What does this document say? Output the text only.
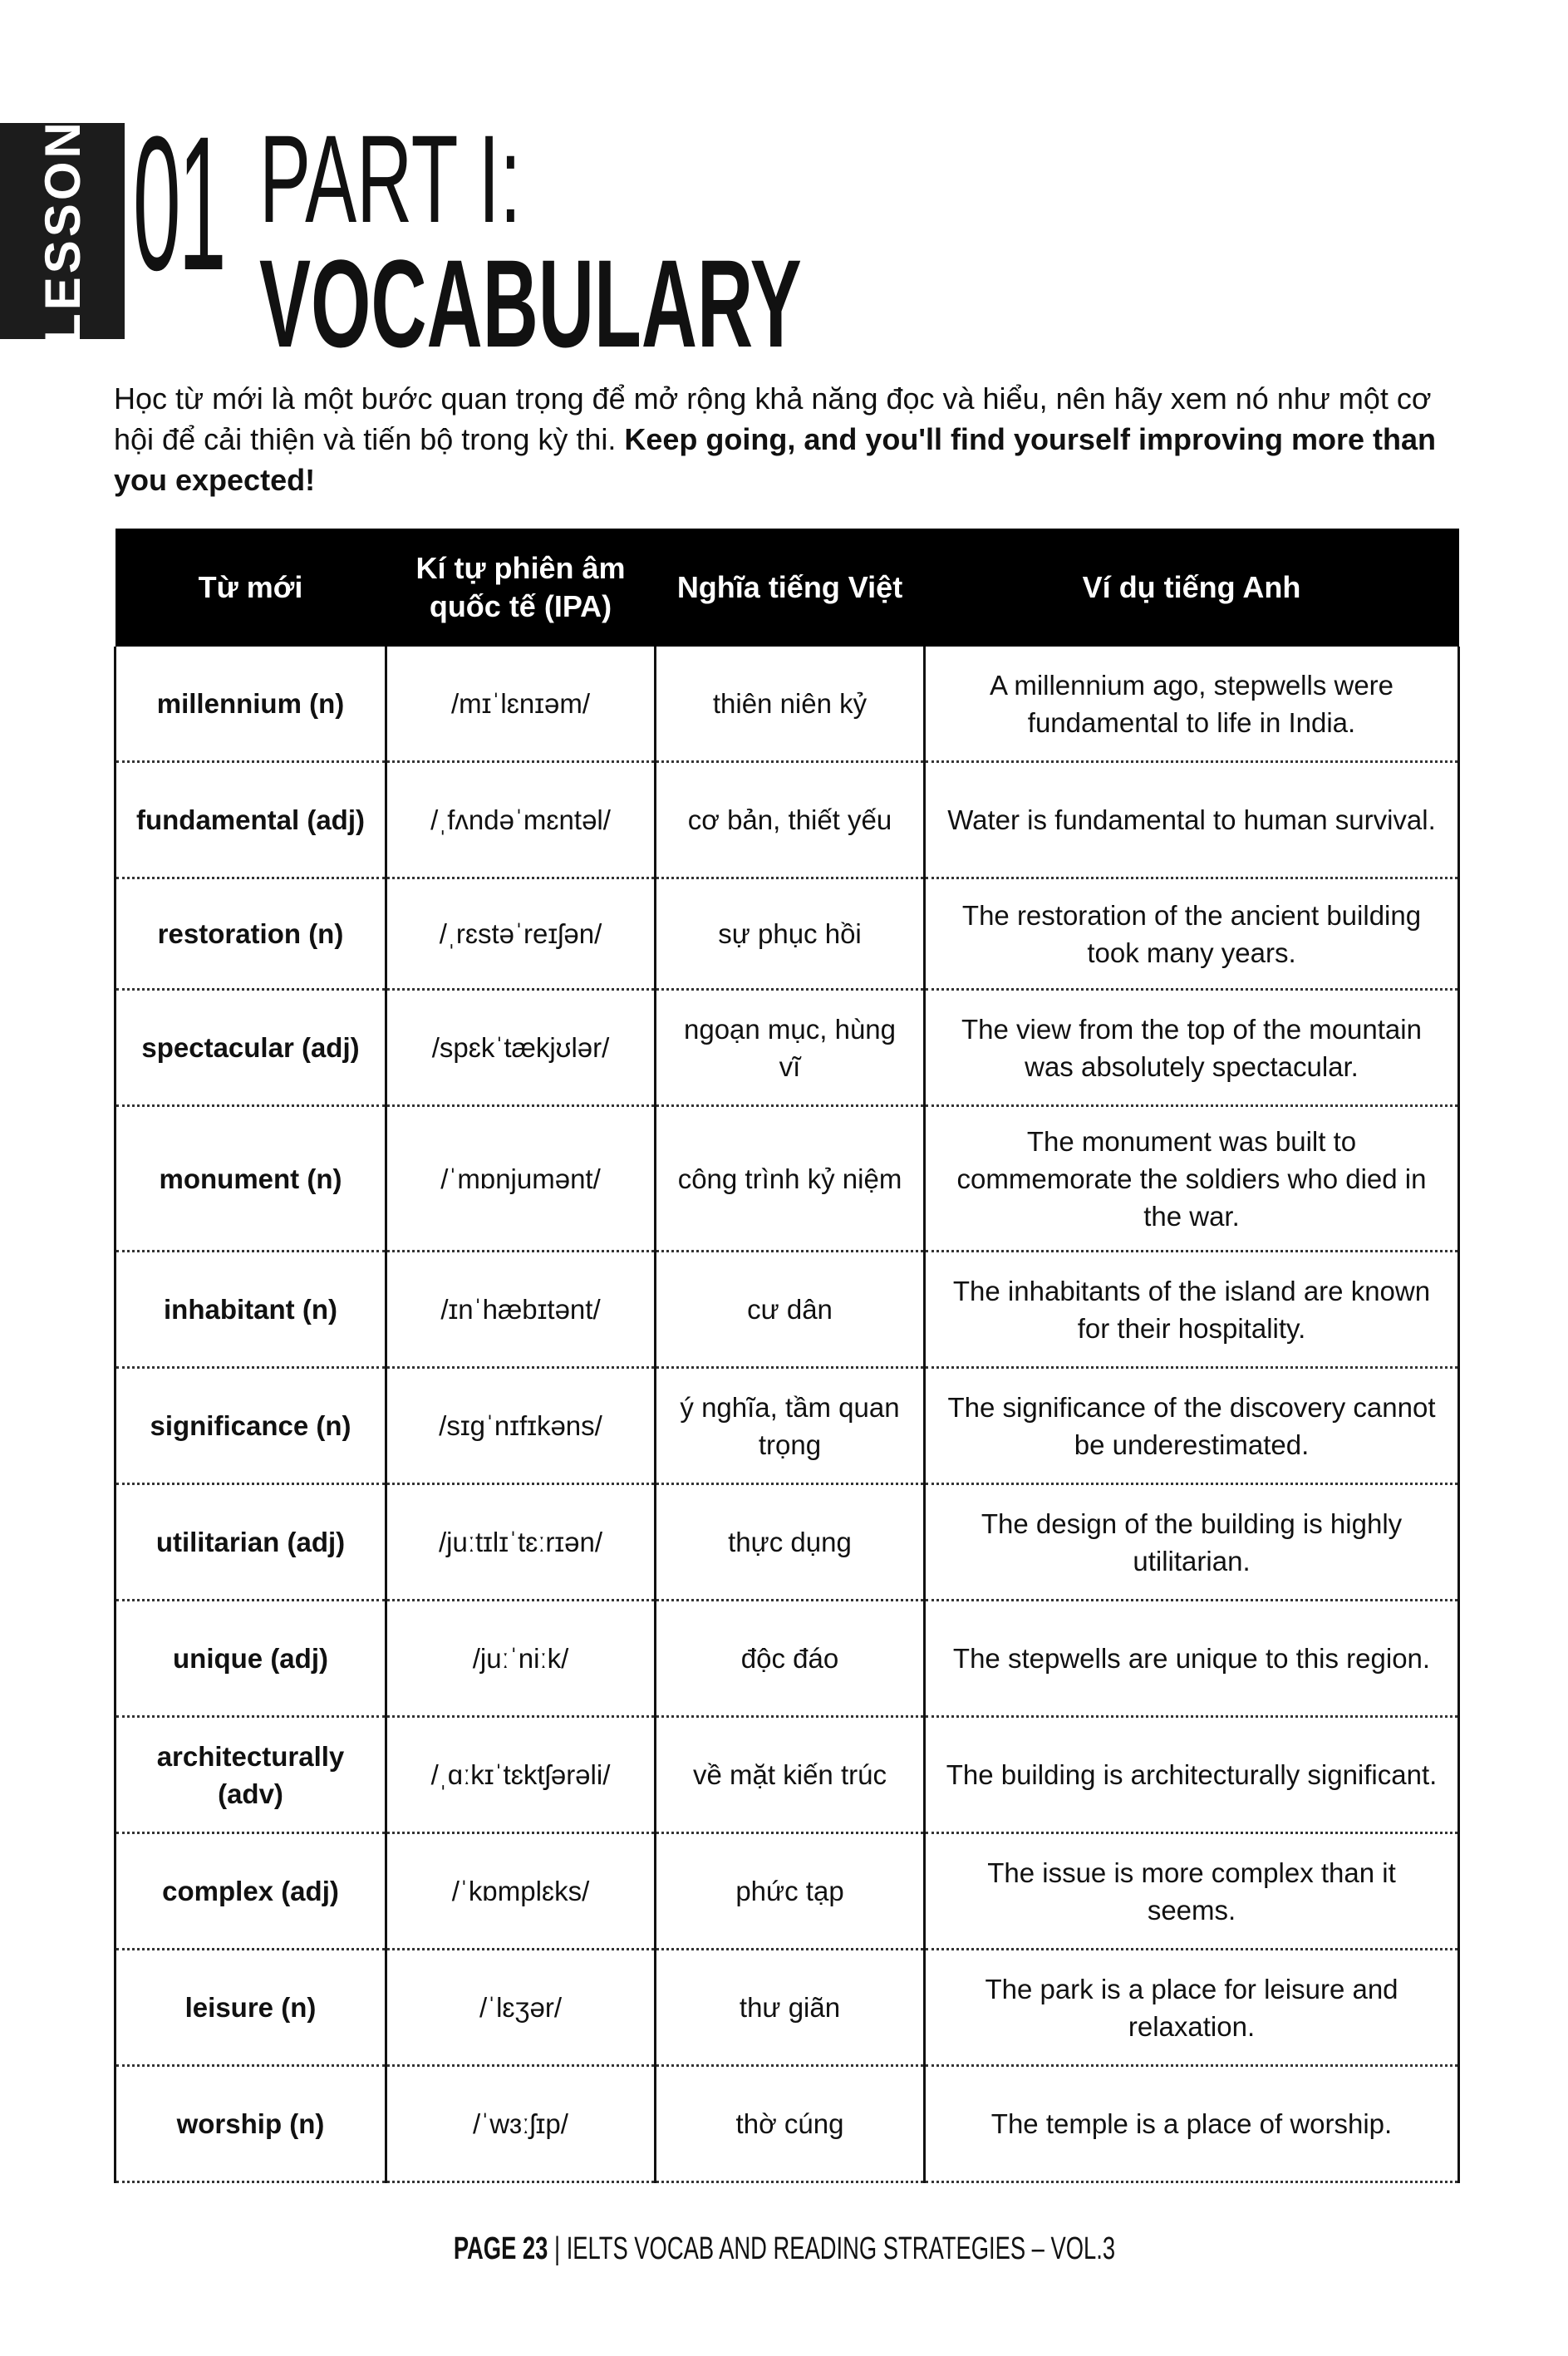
LESSON 01 PART I:
VOCABULARY

Học từ mới là một bước quan trọng để mở rộng khả năng đọc và hiểu, nên hãy xem nó như một cơ hội để cải thiện và tiến bộ trong kỳ thi. Keep going, and you'll find yourself improving more than you expected!

Từ mới	Kí tự phiên âm quốc tế (IPA)	Nghĩa tiếng Việt	Ví dụ tiếng Anh
millennium (n)	/mɪˈlɛnɪəm/	thiên niên kỷ	A millennium ago, stepwells were fundamental to life in India.
fundamental (adj)	/ˌfʌndəˈmɛntəl/	cơ bản, thiết yếu	Water is fundamental to human survival.
restoration (n)	/ˌrɛstəˈreɪʃən/	sự phục hồi	The restoration of the ancient building took many years.
spectacular (adj)	/spɛkˈtækjʊlər/	ngoạn mục, hùng vĩ	The view from the top of the mountain was absolutely spectacular.
monument (n)	/ˈmɒnjumənt/	công trình kỷ niệm	The monument was built to commemorate the soldiers who died in the war.
inhabitant (n)	/ɪnˈhæbɪtənt/	cư dân	The inhabitants of the island are known for their hospitality.
significance (n)	/sɪgˈnɪfɪkəns/	ý nghĩa, tầm quan trọng	The significance of the discovery cannot be underestimated.
utilitarian (adj)	/juːtɪlɪˈtɛːrɪən/	thực dụng	The design of the building is highly utilitarian.
unique (adj)	/juːˈniːk/	độc đáo	The stepwells are unique to this region.
architecturally (adv)	/ˌɑːkɪˈtɛktʃərəli/	về mặt kiến trúc	The building is architecturally significant.
complex (adj)	/ˈkɒmplɛks/	phức tạp	The issue is more complex than it seems.
leisure (n)	/ˈlɛʒər/	thư giãn	The park is a place for leisure and relaxation.
worship (n)	/ˈwɜːʃɪp/	thờ cúng	The temple is a place of worship.
PAGE 23 | IELTS VOCAB AND READING STRATEGIES – VOL.3
